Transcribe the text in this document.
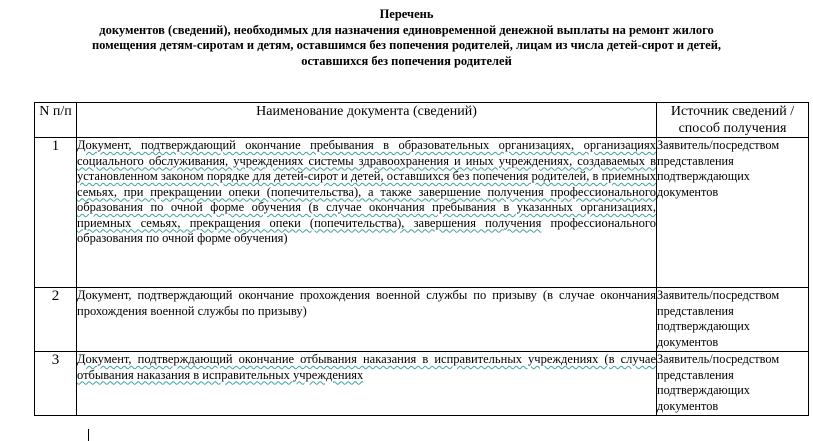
Перечень
документов (сведений), необходимых для назначения единовременной денежной выплаты на ремонт жилого
помещения детям-сиротам и детям, оставшимся без попечения родителей, лицам из числа детей-сирот и детей,
оставшихся без попечения родителей
N п/п	Наименование документа (сведений)	Источник сведений / способ получения
1	Документ, подтверждающий окончание пребывания в образовательных организациях, организациях социального обслуживания, учреждениях системы здравоохранения и иных учреждениях, создаваемых в установленном законом порядке для детей-сирот и детей, оставшихся без попечения родителей, в приемных семьях, при прекращении опеки (попечительства), а также завершение получения профессионального образования по очной форме обучения (в случае окончания пребывания в указанных организациях, приемных семьях, прекращения опеки (попечительства), завершения получения профессионального образования по очной форме обучения)	Заявитель/посредством представления подтверждающих документов
2	Документ, подтверждающий окончание прохождения военной службы по призыву (в случае окончания прохождения военной службы по призыву)	Заявитель/посредством представления подтверждающих документов
3	Документ, подтверждающий окончание отбывания наказания в исправительных учреждениях (в случае отбывания наказания в исправительных учреждениях	Заявитель/посредством представления подтверждающих документов
